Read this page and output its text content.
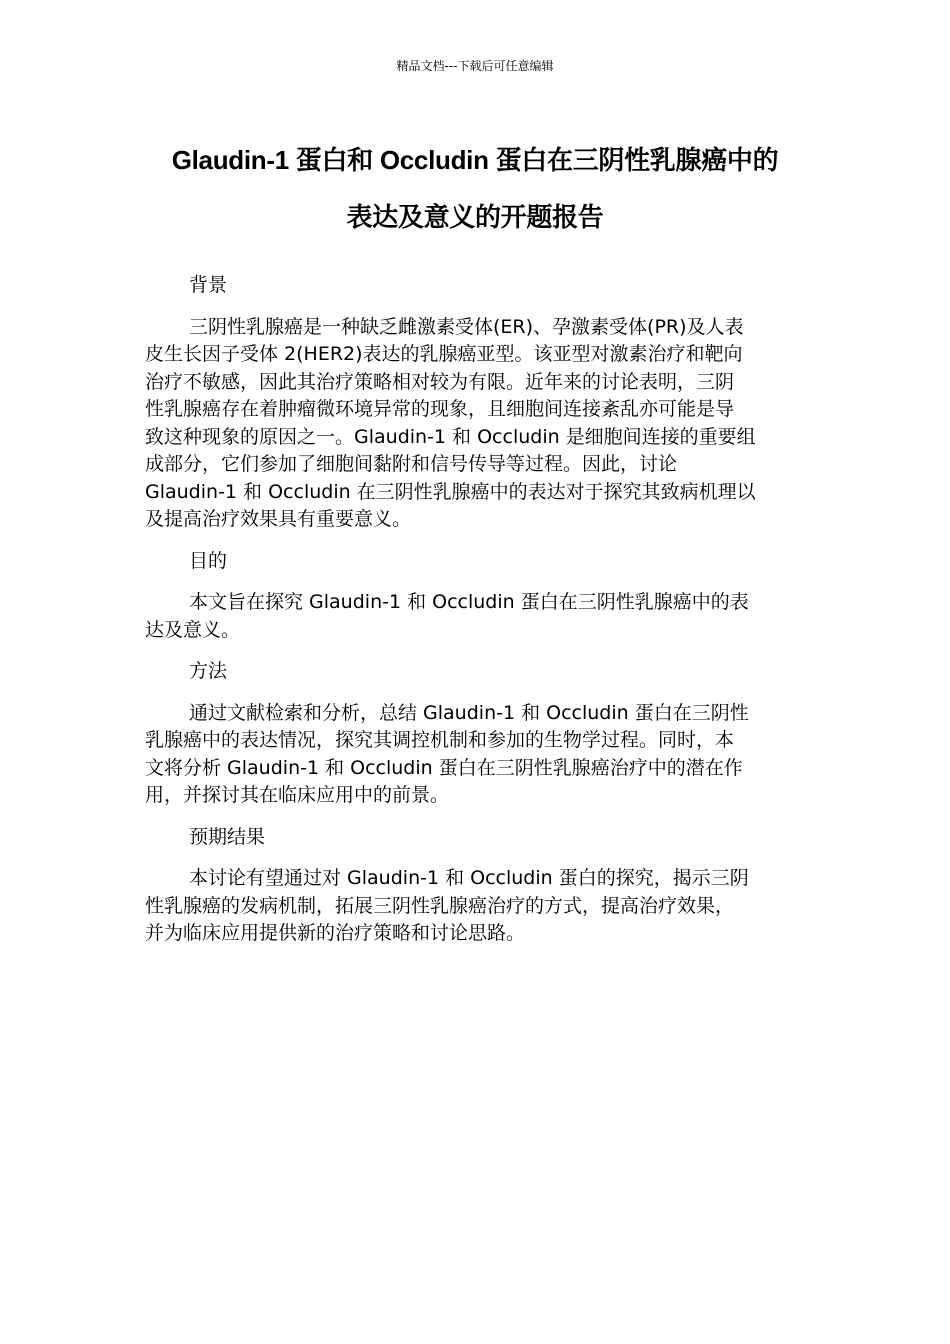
精品文档---下载后可任意编辑
Glaudin-1 蛋白和 Occludin 蛋白在三阴性乳腺癌中的
表达及意义的开题报告
背景
三阴性乳腺癌是一种缺乏雌激素受体(ER)、孕激素受体(PR)及人表
皮生长因子受体 2(HER2)表达的乳腺癌亚型。该亚型对激素治疗和靶向
治疗不敏感，因此其治疗策略相对较为有限。近年来的讨论表明，三阴
性乳腺癌存在着肿瘤微环境异常的现象，且细胞间连接紊乱亦可能是导
致这种现象的原因之一。Glaudin-1 和 Occludin 是细胞间连接的重要组
成部分，它们参加了细胞间黏附和信号传导等过程。因此，讨论
Glaudin-1 和 Occludin 在三阴性乳腺癌中的表达对于探究其致病机理以
及提高治疗效果具有重要意义。
目的
本文旨在探究 Glaudin-1 和 Occludin 蛋白在三阴性乳腺癌中的表
达及意义。
方法
通过文献检索和分析，总结 Glaudin-1 和 Occludin 蛋白在三阴性
乳腺癌中的表达情况，探究其调控机制和参加的生物学过程。同时，本
文将分析 Glaudin-1 和 Occludin 蛋白在三阴性乳腺癌治疗中的潜在作
用，并探讨其在临床应用中的前景。
预期结果
本讨论有望通过对 Glaudin-1 和 Occludin 蛋白的探究，揭示三阴
性乳腺癌的发病机制，拓展三阴性乳腺癌治疗的方式，提高治疗效果，
并为临床应用提供新的治疗策略和讨论思路。
